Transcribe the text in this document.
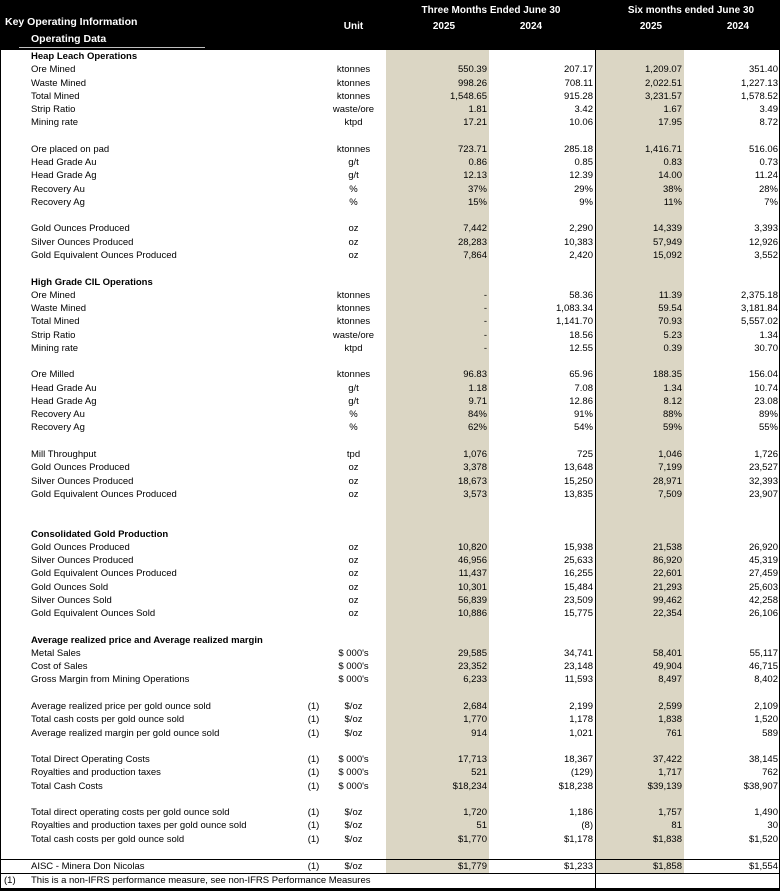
Key Operating Information
Operating Data
Unit
Three Months Ended June 30	Six months ended June 30
2025	2024	2025	2024
Heap Leach Operations
Ore Mined	ktonnes	550.39	207.17	1,209.07	351.40
Waste Mined	ktonnes	998.26	708.11	2,022.51	1,227.13
Total Mined	ktonnes	1,548.65	915.28	3,231.57	1,578.52
Strip Ratio	waste/ore	1.81	3.42	1.67	3.49
Mining rate	ktpd	17.21	10.06	17.95	8.72
Ore placed on pad	ktonnes	723.71	285.18	1,416.71	516.06
Head Grade Au	g/t	0.86	0.85	0.83	0.73
Head Grade Ag	g/t	12.13	12.39	14.00	11.24
Recovery Au	%	37%	29%	38%	28%
Recovery Ag	%	15%	9%	11%	7%
Gold Ounces Produced	oz	7,442	2,290	14,339	3,393
Silver Ounces Produced	oz	28,283	10,383	57,949	12,926
Gold Equivalent Ounces Produced	oz	7,864	2,420	15,092	3,552
High Grade CIL Operations
Ore Mined	ktonnes	-	58.36	11.39	2,375.18
Waste Mined	ktonnes	-	1,083.34	59.54	3,181.84
Total Mined	ktonnes	-	1,141.70	70.93	5,557.02
Strip Ratio	waste/ore	-	18.56	5.23	1.34
Mining rate	ktpd	-	12.55	0.39	30.70
Ore Milled	ktonnes	96.83	65.96	188.35	156.04
Head Grade Au	g/t	1.18	7.08	1.34	10.74
Head Grade Ag	g/t	9.71	12.86	8.12	23.08
Recovery Au	%	84%	91%	88%	89%
Recovery Ag	%	62%	54%	59%	55%
Mill Throughput	tpd	1,076	725	1,046	1,726
Gold Ounces Produced	oz	3,378	13,648	7,199	23,527
Silver Ounces Produced	oz	18,673	15,250	28,971	32,393
Gold Equivalent Ounces Produced	oz	3,573	13,835	7,509	23,907
Consolidated Gold Production
Gold Ounces Produced	oz	10,820	15,938	21,538	26,920
Silver Ounces Produced	oz	46,956	25,633	86,920	45,319
Gold Equivalent Ounces Produced	oz	11,437	16,255	22,601	27,459
Gold Ounces Sold	oz	10,301	15,484	21,293	25,603
Silver Ounces Sold	oz	56,839	23,509	99,462	42,258
Gold Equivalent Ounces Sold	oz	10,886	15,775	22,354	26,106
Average realized price and Average realized margin
Metal Sales	$ 000's	29,585	34,741	58,401	55,117
Cost of Sales	$ 000's	23,352	23,148	49,904	46,715
Gross Margin from Mining Operations	$ 000's	6,233	11,593	8,497	8,402
Average realized price per gold ounce sold	(1)	$/oz	2,684	2,199	2,599	2,109
Total cash costs per gold ounce sold	(1)	$/oz	1,770	1,178	1,838	1,520
Average realized margin per gold ounce sold	(1)	$/oz	914	1,021	761	589
Total Direct Operating Costs	(1)	$ 000's	17,713	18,367	37,422	38,145
Royalties and production taxes	(1)	$ 000's	521	(129)	1,717	762
Total Cash Costs	(1)	$ 000's	$18,234	$18,238	$39,139	$38,907
Total direct operating costs per gold ounce sold	(1)	$/oz	1,720	1,186	1,757	1,490
Royalties and production taxes per gold ounce sold	(1)	$/oz	51	(8)	81	30
Total cash costs per gold ounce sold	(1)	$/oz	$1,770	$1,178	$1,838	$1,520
AISC - Minera Don Nicolas	(1)	$/oz	$1,779	$1,233	$1,858	$1,554
(1)	This is a non-IFRS performance measure, see non-IFRS Performance Measures
